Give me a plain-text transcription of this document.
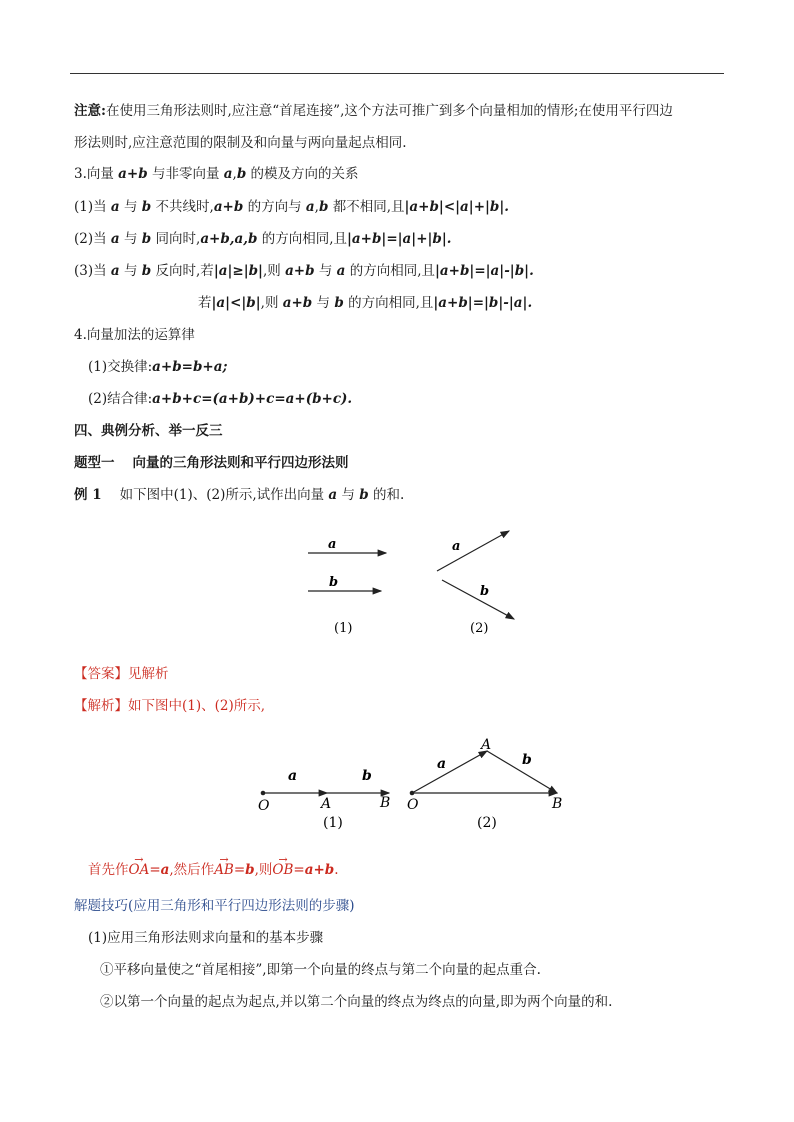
注意:在使用三角形法则时,应注意“首尾连接”,这个方法可推广到多个向量相加的情形;在使用平行四边
形法则时,应注意范围的限制及和向量与两向量起点相同.
3.向量 a+b 与非零向量 a,b 的模及方向的关系
(1)当 a 与 b 不共线时,a+b 的方向与 a,b 都不相同,且|a+b|<|a|+|b|.
(2)当 a 与 b 同向时,a+b,a,b 的方向相同,且|a+b|=|a|+|b|.
(3)当 a 与 b 反向时,若|a|≥|b|,则 a+b 与 a 的方向相同,且|a+b|=|a|-|b|.
若|a|<|b|,则 a+b 与 b 的方向相同,且|a+b|=|b|-|a|.
4.向量加法的运算律
(1)交换律:a+b=b+a;
(2)结合律:a+b+c=(a+b)+c=a+(b+c).
四、典例分析、举一反三
题型一 向量的三角形法则和平行四边形法则
例 1 如下图中(1)、(2)所示,试作出向量 a 与 b 的和.
a
b
a
b
(1)	(2)
【答案】见解析
【解析】如下图中(1)、(2)所示,
a	b
O	A	B
a	b
O
A
B
(1)	(2)
首先作→ OA=a,然后作→ AB=b,则→ OB=a+b.
解题技巧(应用三角形和平行四边形法则的步骤)
(1)应用三角形法则求向量和的基本步骤
①平移向量使之“首尾相接”,即第一个向量的终点与第二个向量的起点重合.
②以第一个向量的起点为起点,并以第二个向量的终点为终点的向量,即为两个向量的和.
